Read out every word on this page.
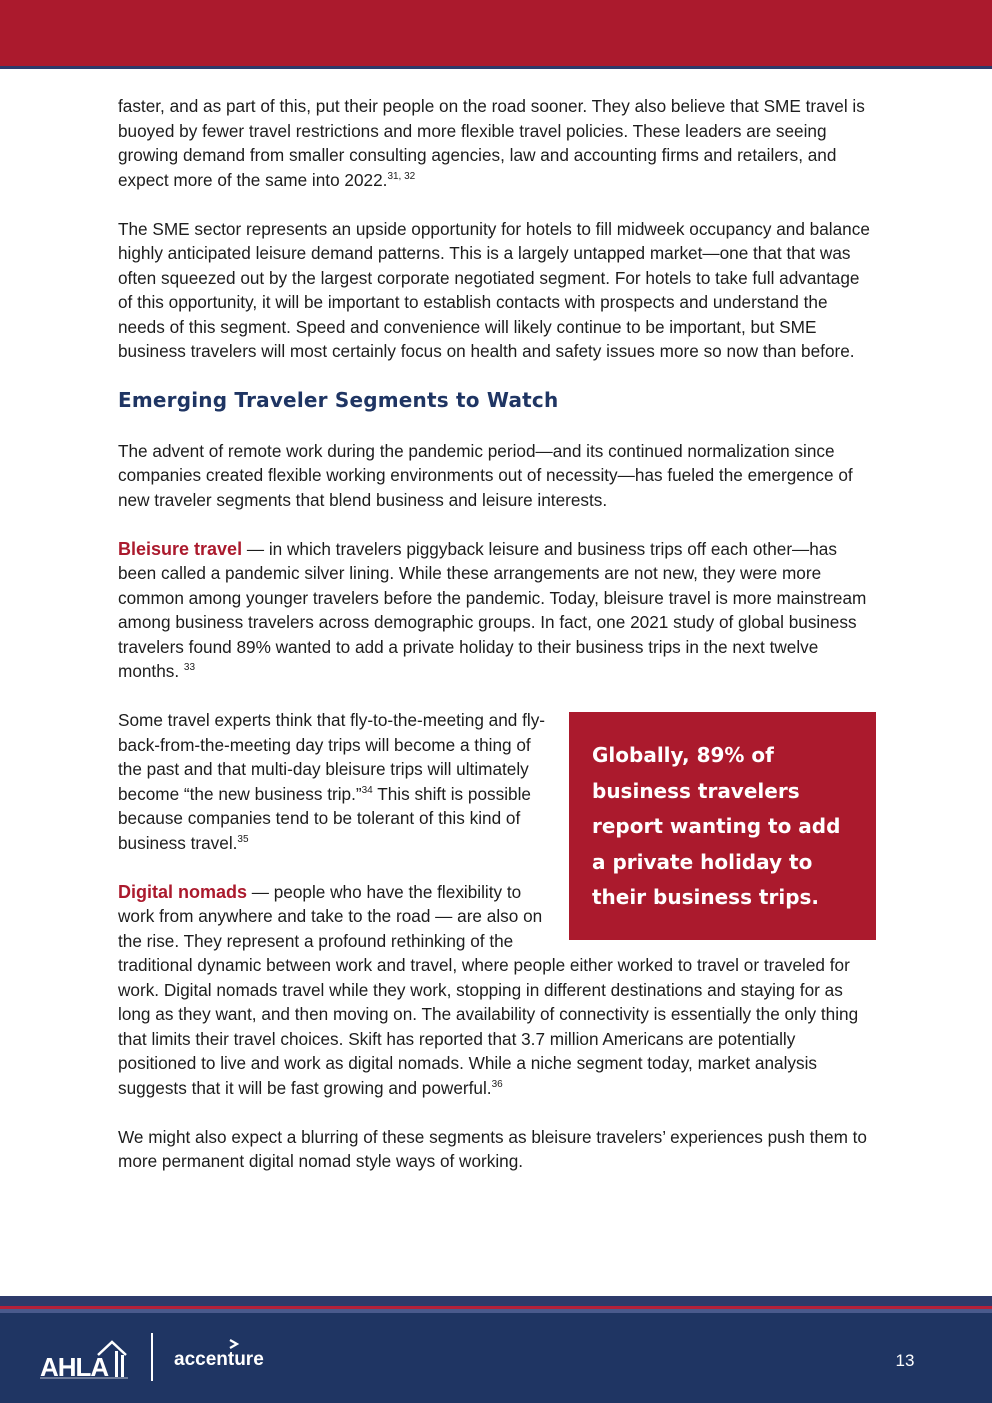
faster, and as part of this, put their people on the road sooner. They also believe that SME travel is buoyed by fewer travel restrictions and more flexible travel policies. These leaders are seeing growing demand from smaller consulting agencies, law and accounting firms and retailers, and expect more of the same into 2022.$^{31, 32}$

The SME sector represents an upside opportunity for hotels to fill midweek occupancy and balance highly anticipated leisure demand patterns. This is a largely untapped market—one that that was often squeezed out by the largest corporate negotiated segment. For hotels to take full advantage of this opportunity, it will be important to establish contacts with prospects and understand the needs of this segment. Speed and convenience will likely continue to be important, but SME business travelers will most certainly focus on health and safety issues more so now than before.

Emerging Traveler Segments to Watch

The advent of remote work during the pandemic period—and its continued normalization since companies created flexible working environments out of necessity—has fueled the emergence of new traveler segments that blend business and leisure interests.

Bleisure travel — in which travelers piggyback leisure and business trips off each other—has been called a pandemic silver lining. While these arrangements are not new, they were more common among younger travelers before the pandemic. Today, bleisure travel is more mainstream among business travelers across demographic groups. In fact, one 2021 study of global business travelers found 89% wanted to add a private holiday to their business trips in the next twelve months. $^{33}$

Globally, 89% of business travelers report wanting to add a private holiday to their business trips.

Some travel experts think that fly-to-the-meeting and fly-back-from-the-meeting day trips will become a thing of the past and that multi-day bleisure trips will ultimately become “the new business trip.”$^{34}$ This shift is possible because companies tend to be tolerant of this kind of business travel.$^{35}$

Digital nomads — people who have the flexibility to work from anywhere and take to the road — are also on the rise. They represent a profound rethinking of the traditional dynamic between work and travel, where people either worked to travel or traveled for work. Digital nomads travel while they work, stopping in different destinations and staying for as long as they want, and then moving on. The availability of connectivity is essentially the only thing that limits their travel choices. Skift has reported that 3.7 million Americans are potentially positioned to live and work as digital nomads. While a niche segment today, market analysis suggests that it will be fast growing and powerful.$^{36}$

We might also expect a blurring of these segments as bleisure travelers’ experiences push them to more permanent digital nomad style ways of working.

AHLA	accenture	13
